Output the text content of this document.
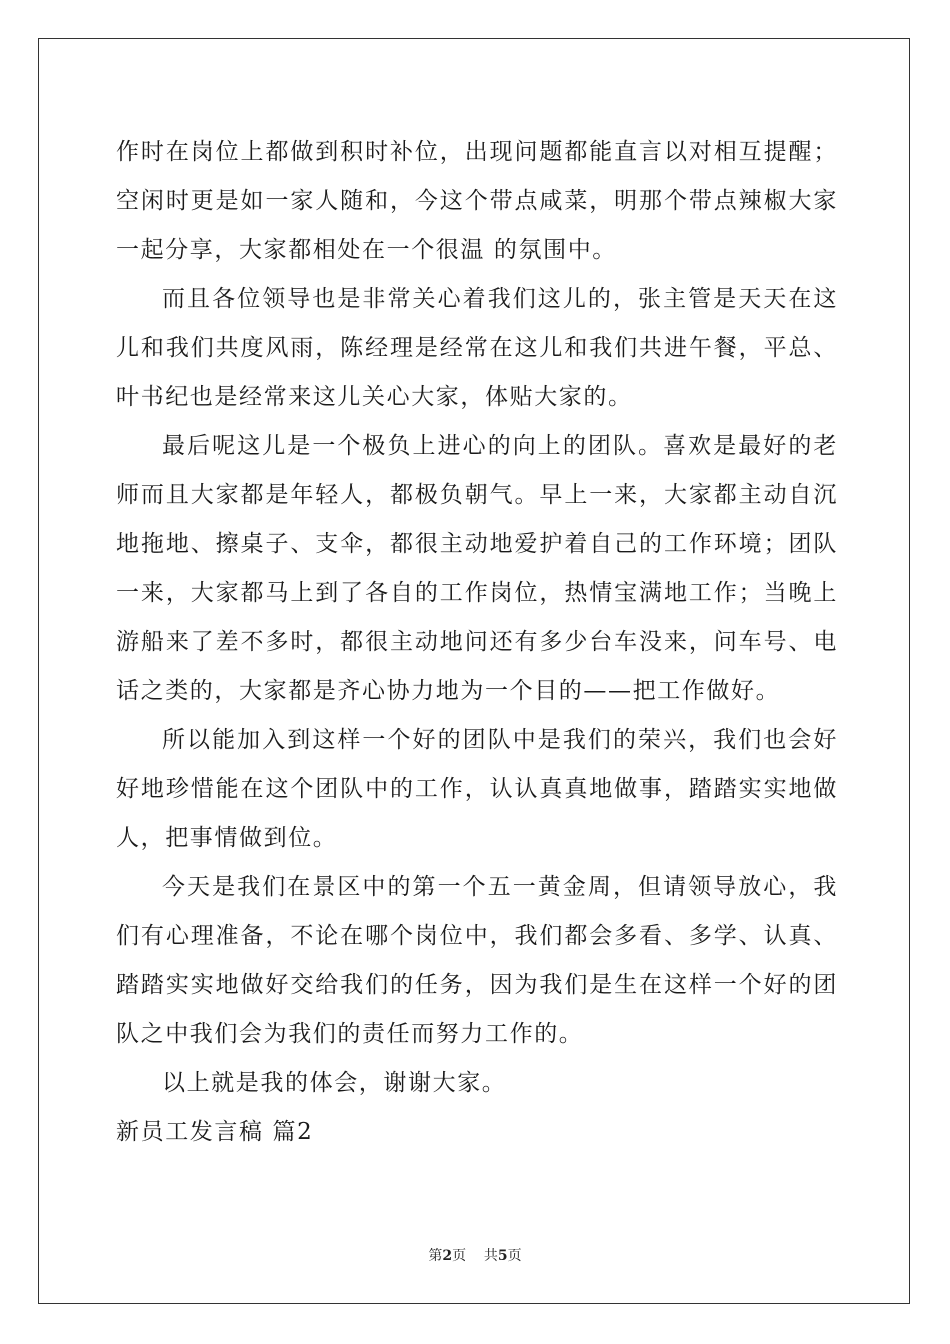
作时在岗位上都做到积时补位，出现问题都能直言以对相互提醒；空闲时更是如一家人随和，今这个带点咸菜，明那个带点辣椒大家一起分享，大家都相处在一个很温 的氛围中。

而且各位领导也是非常关心着我们这儿的，张主管是天天在这儿和我们共度风雨，陈经理是经常在这儿和我们共进午餐，平总、叶书纪也是经常来这儿关心大家，体贴大家的。

最后呢这儿是一个极负上进心的向上的团队。喜欢是最好的老师而且大家都是年轻人，都极负朝气。早上一来，大家都主动自沉地拖地、擦桌子、支伞，都很主动地爱护着自己的工作环境；团队一来，大家都马上到了各自的工作岗位，热情宝满地工作；当晚上游船来了差不多时，都很主动地问还有多少台车没来，问车号、电话之类的，大家都是齐心协力地为一个目的——把工作做好。

所以能加入到这样一个好的团队中是我们的荣兴，我们也会好好地珍惜能在这个团队中的工作，认认真真地做事，踏踏实实地做人，把事情做到位。

今天是我们在景区中的第一个五一黄金周，但请领导放心，我们有心理准备，不论在哪个岗位中，我们都会多看、多学、认真、踏踏实实地做好交给我们的任务，因为我们是生在这样一个好的团队之中我们会为我们的责任而努力工作的。

以上就是我的体会，谢谢大家。

新员工发言稿 篇2

第2页 共5页
